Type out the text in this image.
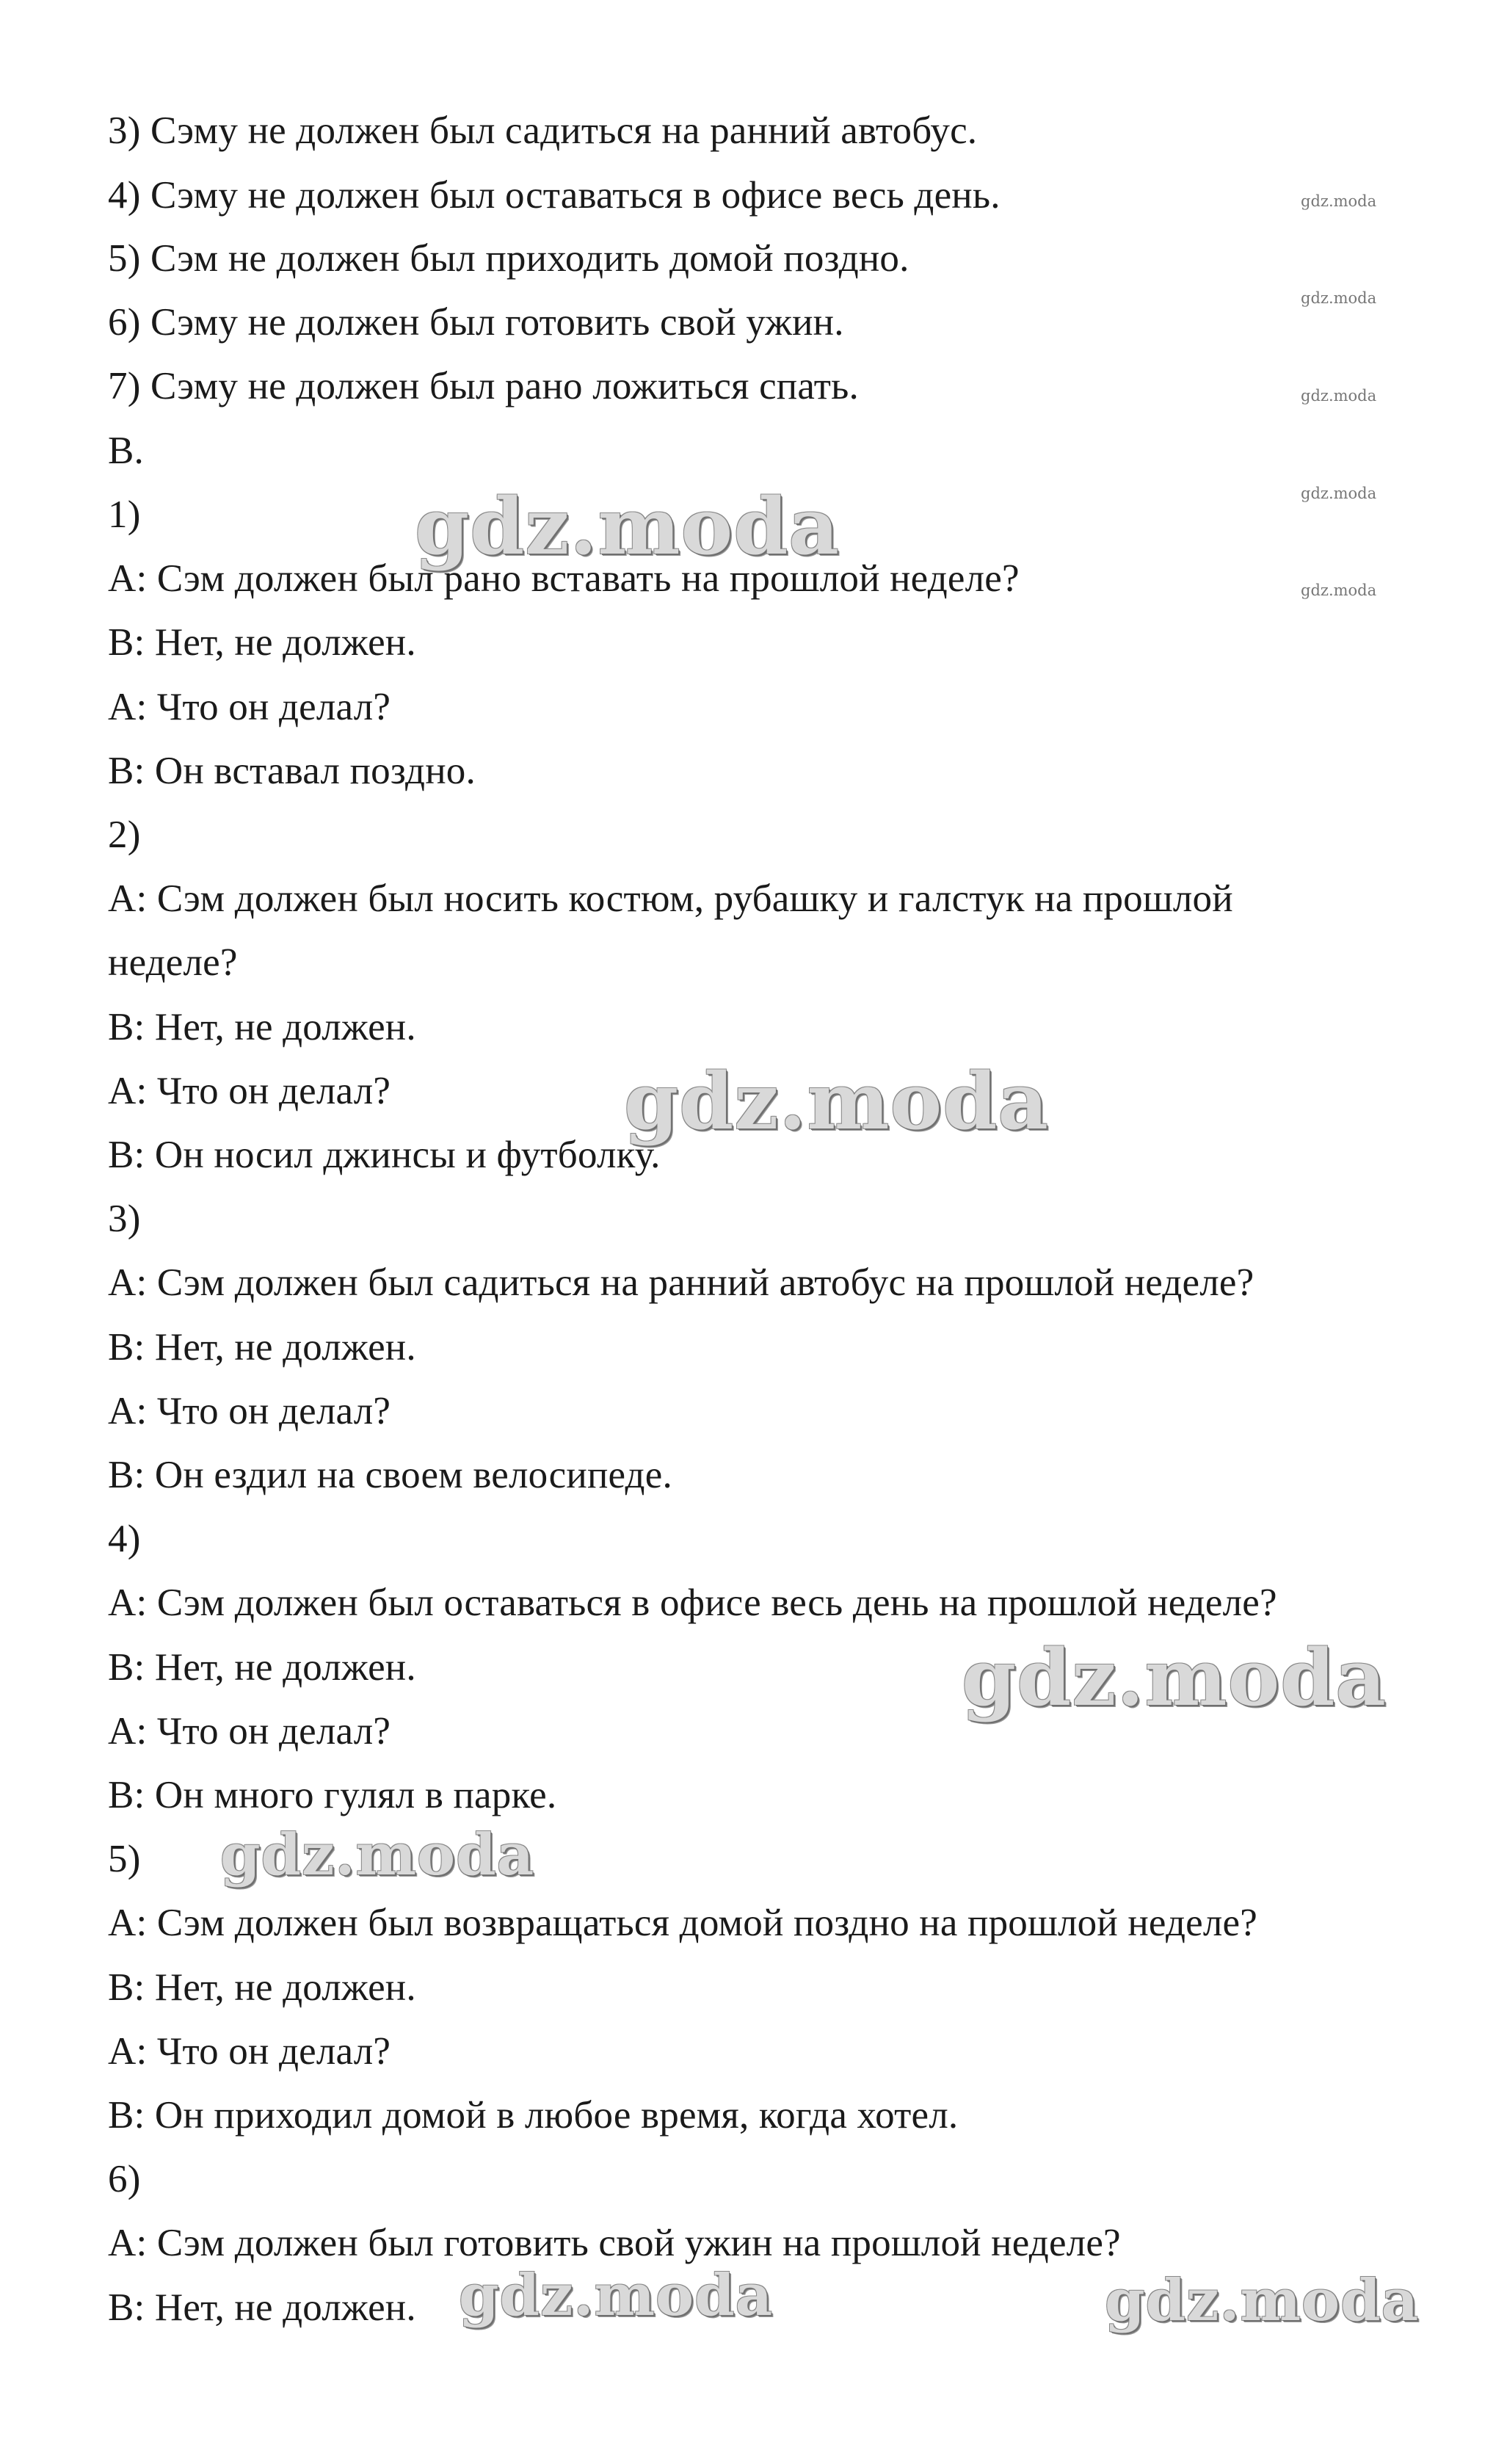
3) Сэму не должен был садиться на ранний автобус.
4) Сэму не должен был оставаться в офисе весь день.
5) Сэм не должен был приходить домой поздно.
6) Сэму не должен был готовить свой ужин.
7) Сэму не должен был рано ложиться спать.
B.
1)
A: Сэм должен был рано вставать на прошлой неделе?
B: Нет, не должен.
A: Что он делал?
B: Он вставал поздно.
2)
A: Сэм должен был носить костюм, рубашку и галстук на прошлой
неделе?
B: Нет, не должен.
A: Что он делал?
B: Он носил джинсы и футболку.
3)
A: Сэм должен был садиться на ранний автобус на прошлой неделе?
B: Нет, не должен.
A: Что он делал?
B: Он ездил на своем велосипеде.
4)
A: Сэм должен был оставаться в офисе весь день на прошлой неделе?
B: Нет, не должен.
A: Что он делал?
B: Он много гулял в парке.
5)
A: Сэм должен был возвращаться домой поздно на прошлой неделе?
B: Нет, не должен.
A: Что он делал?
B: Он приходил домой в любое время, когда хотел.
6)
A: Сэм должен был готовить свой ужин на прошлой неделе?
B: Нет, не должен.
gdz.moda
gdz.moda
gdz.moda
gdz.moda
gdz.moda
gdz.moda
gdz.moda
gdz.moda
gdz.moda
gdz.moda	gdz.moda
